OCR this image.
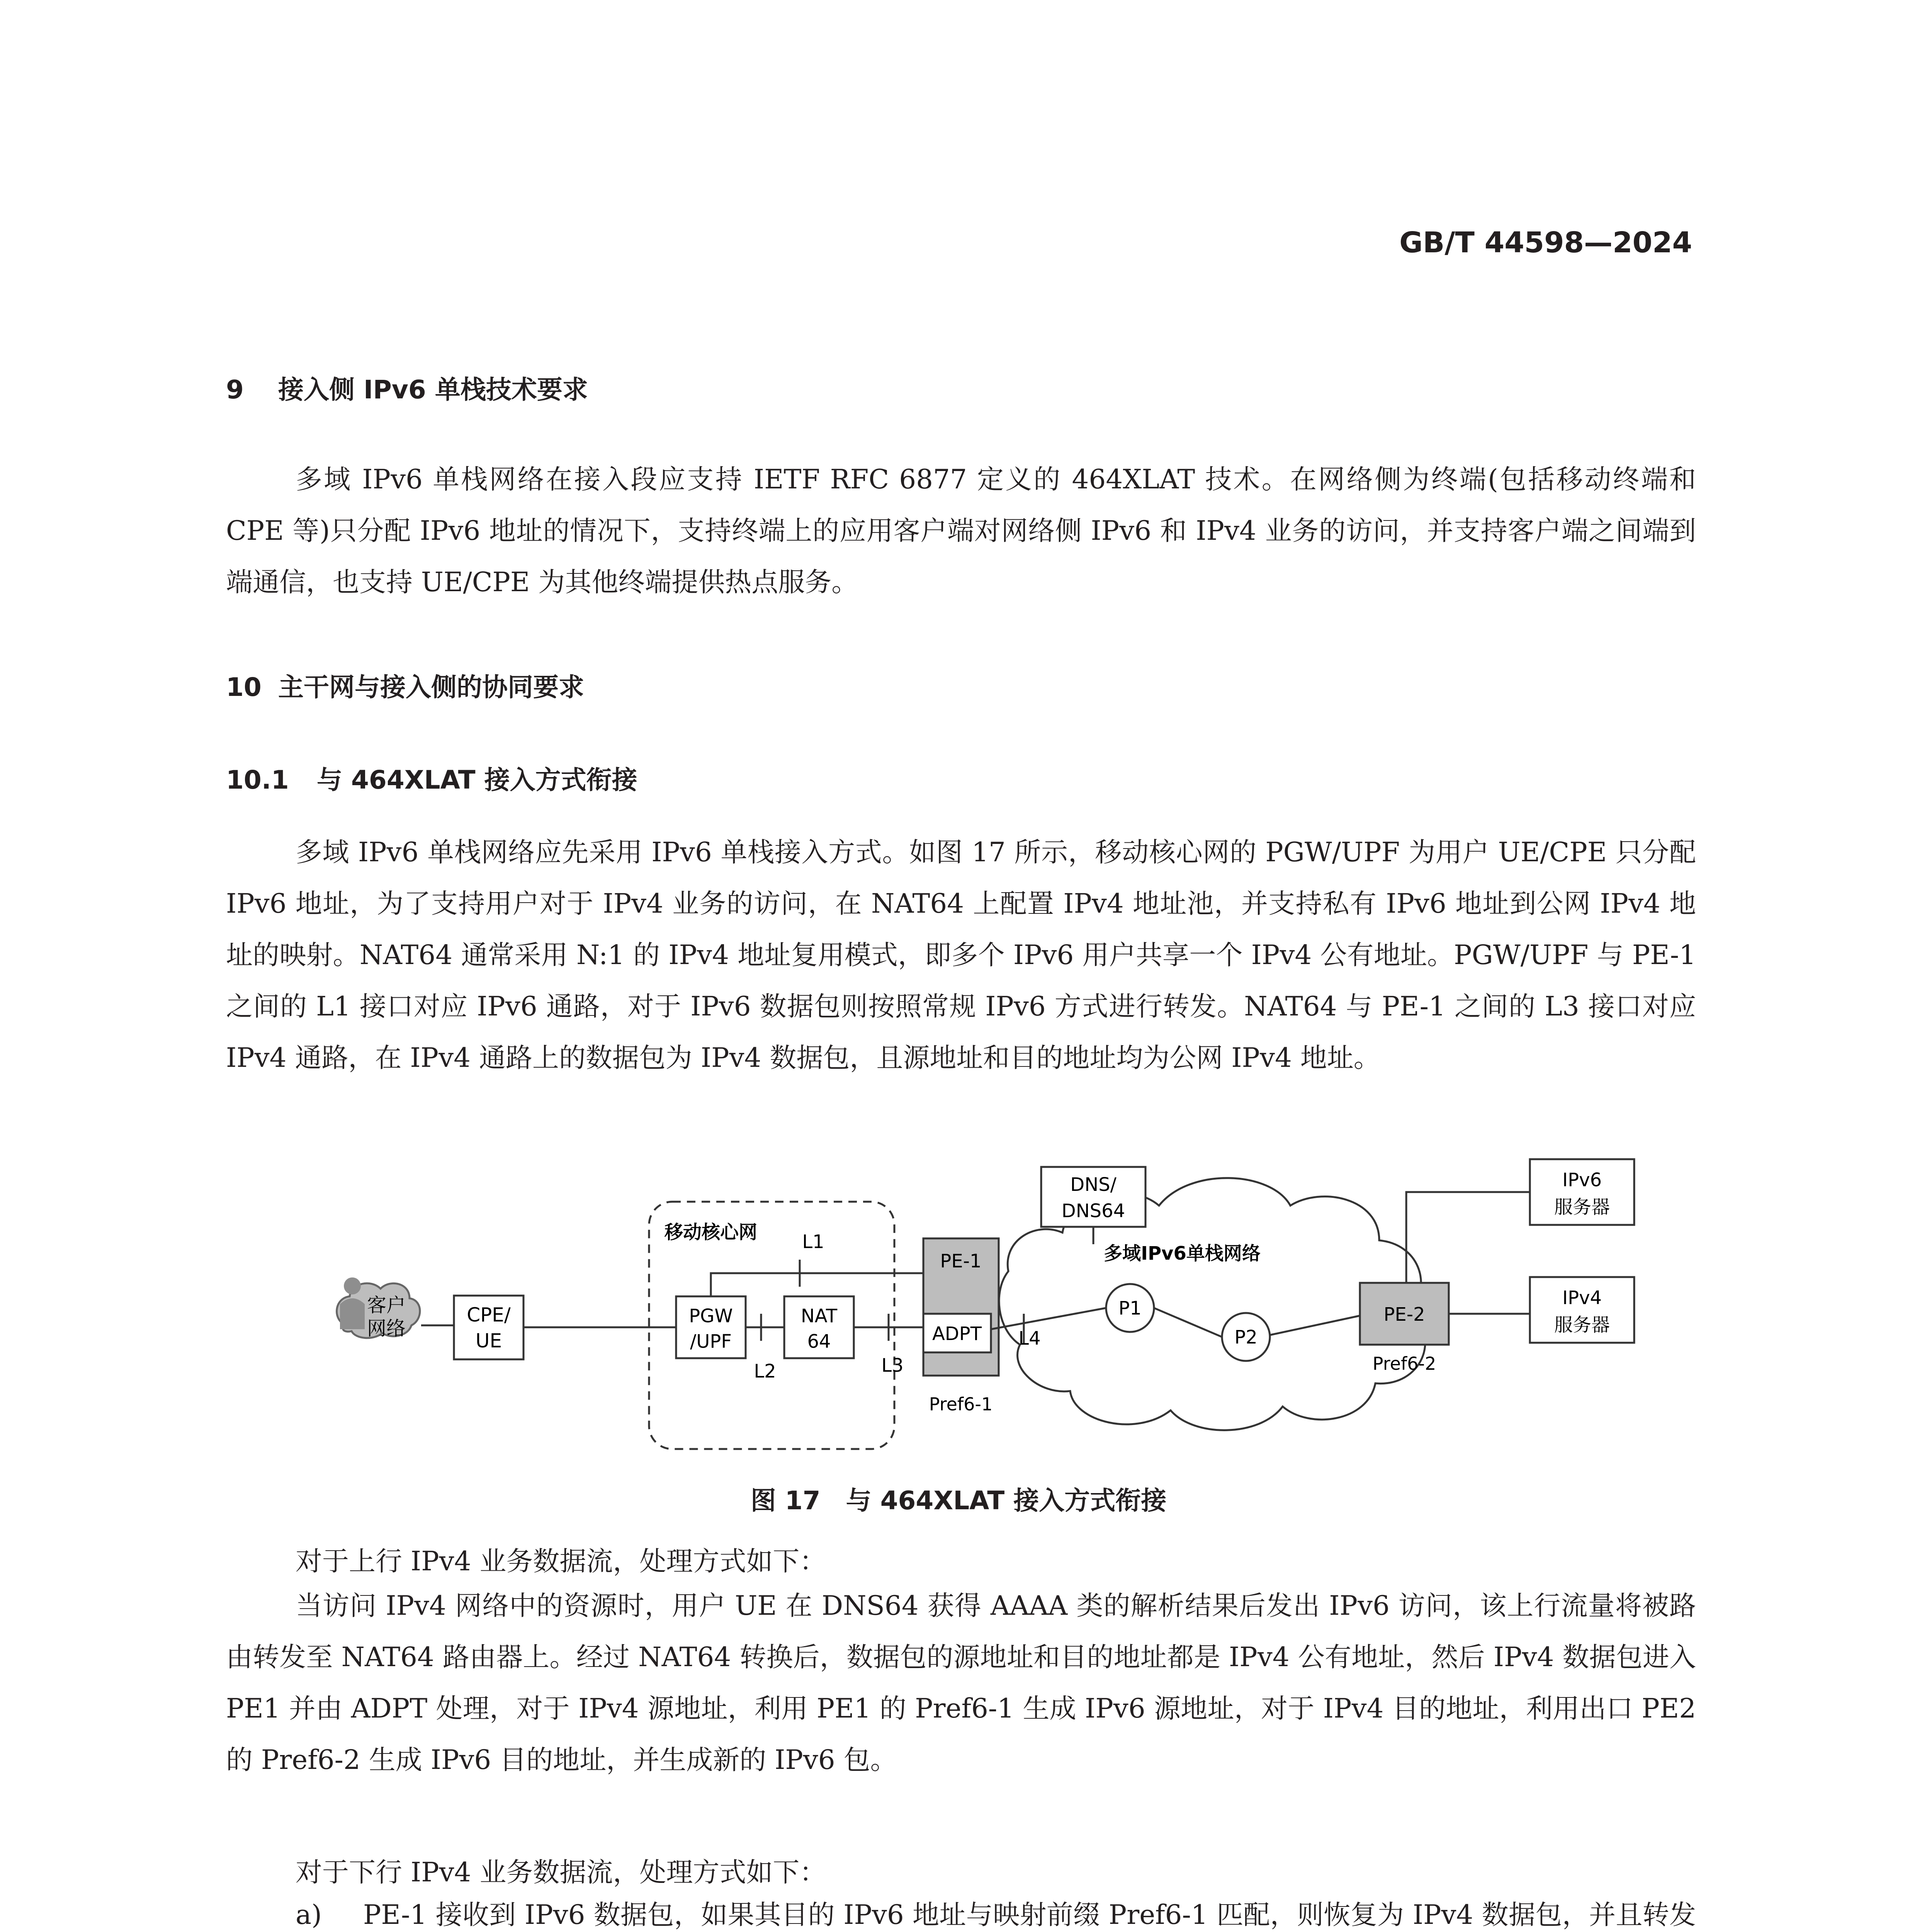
GB/T 44598—2024
9 接入侧 IPv6 单栈技术要求

多域 IPv6 单栈网络在接入段应支持 IETF RFC 6877 定义的 464XLAT 技术。在网络侧为终端(包括移动终端和 CPE 等)只分配 IPv6 地址的情况下，支持终端上的应用客户端对网络侧 IPv6 和 IPv4 业务的访问，并支持客户端之间端到端通信，也支持 UE/CPE 为其他终端提供热点服务。

10 主干网与接入侧的协同要求
10.1 与 464XLAT 接入方式衔接

多域 IPv6 单栈网络应先采用 IPv6 单栈接入方式。如图 17 所示，移动核心网的 PGW/UPF 为用户 UE/CPE 只分配 IPv6 地址，为了支持用户对于 IPv4 业务的访问，在 NAT64 上配置 IPv4 地址池，并支持私有 IPv6 地址到公网 IPv4 地址的映射。NAT64 通常采用 N:1 的 IPv4 地址复用模式，即多个 IPv6 用户共享一个 IPv4 公有地址。PGW/UPF 与 PE-1 之间的 L1 接口对应 IPv6 通路，对于 IPv6 数据包则按照常规 IPv6 方式进行转发。NAT64 与 PE-1 之间的 L3 接口对应 IPv4 通路，在 IPv4 通路上的数据包为 IPv4 数据包，且源地址和目的地址均为公网 IPv4 地址。

客户
网络
CPE/
UE
移动核心网
PGW
/UPF
NAT
64
PE-1
ADPT
Pref6-1
多域IPv6单栈网络
DNS/
DNS64
P1
P2
PE-2
Pref6-2
IPv6
服务器
IPv4
服务器
L1
L2	L3
L4
图 17　与 464XLAT 接入方式衔接
对于上行 IPv4 业务数据流，处理方式如下：

当访问 IPv4 网络中的资源时，用户 UE 在 DNS64 获得 AAAA 类的解析结果后发出 IPv6 访问，该上行流量将被路由转发至 NAT64 路由器上。经过 NAT64 转换后，数据包的源地址和目的地址都是 IPv4 公有地址，然后 IPv4 数据包进入 PE1 并由 ADPT 处理，对于 IPv4 源地址，利用 PE1 的 Pref6-1 生成 IPv6 源地址，对于 IPv4 目的地址，利用出口 PE2 的 Pref6-2 生成 IPv6 目的地址，并生成新的 IPv6 包。

对于下行 IPv4 业务数据流，处理方式如下：
a) PE-1 接收到 IPv6 数据包，如果其目的 IPv6 地址与映射前缀 Pref6-1 匹配，则恢复为 IPv4 数据包，并且转发
